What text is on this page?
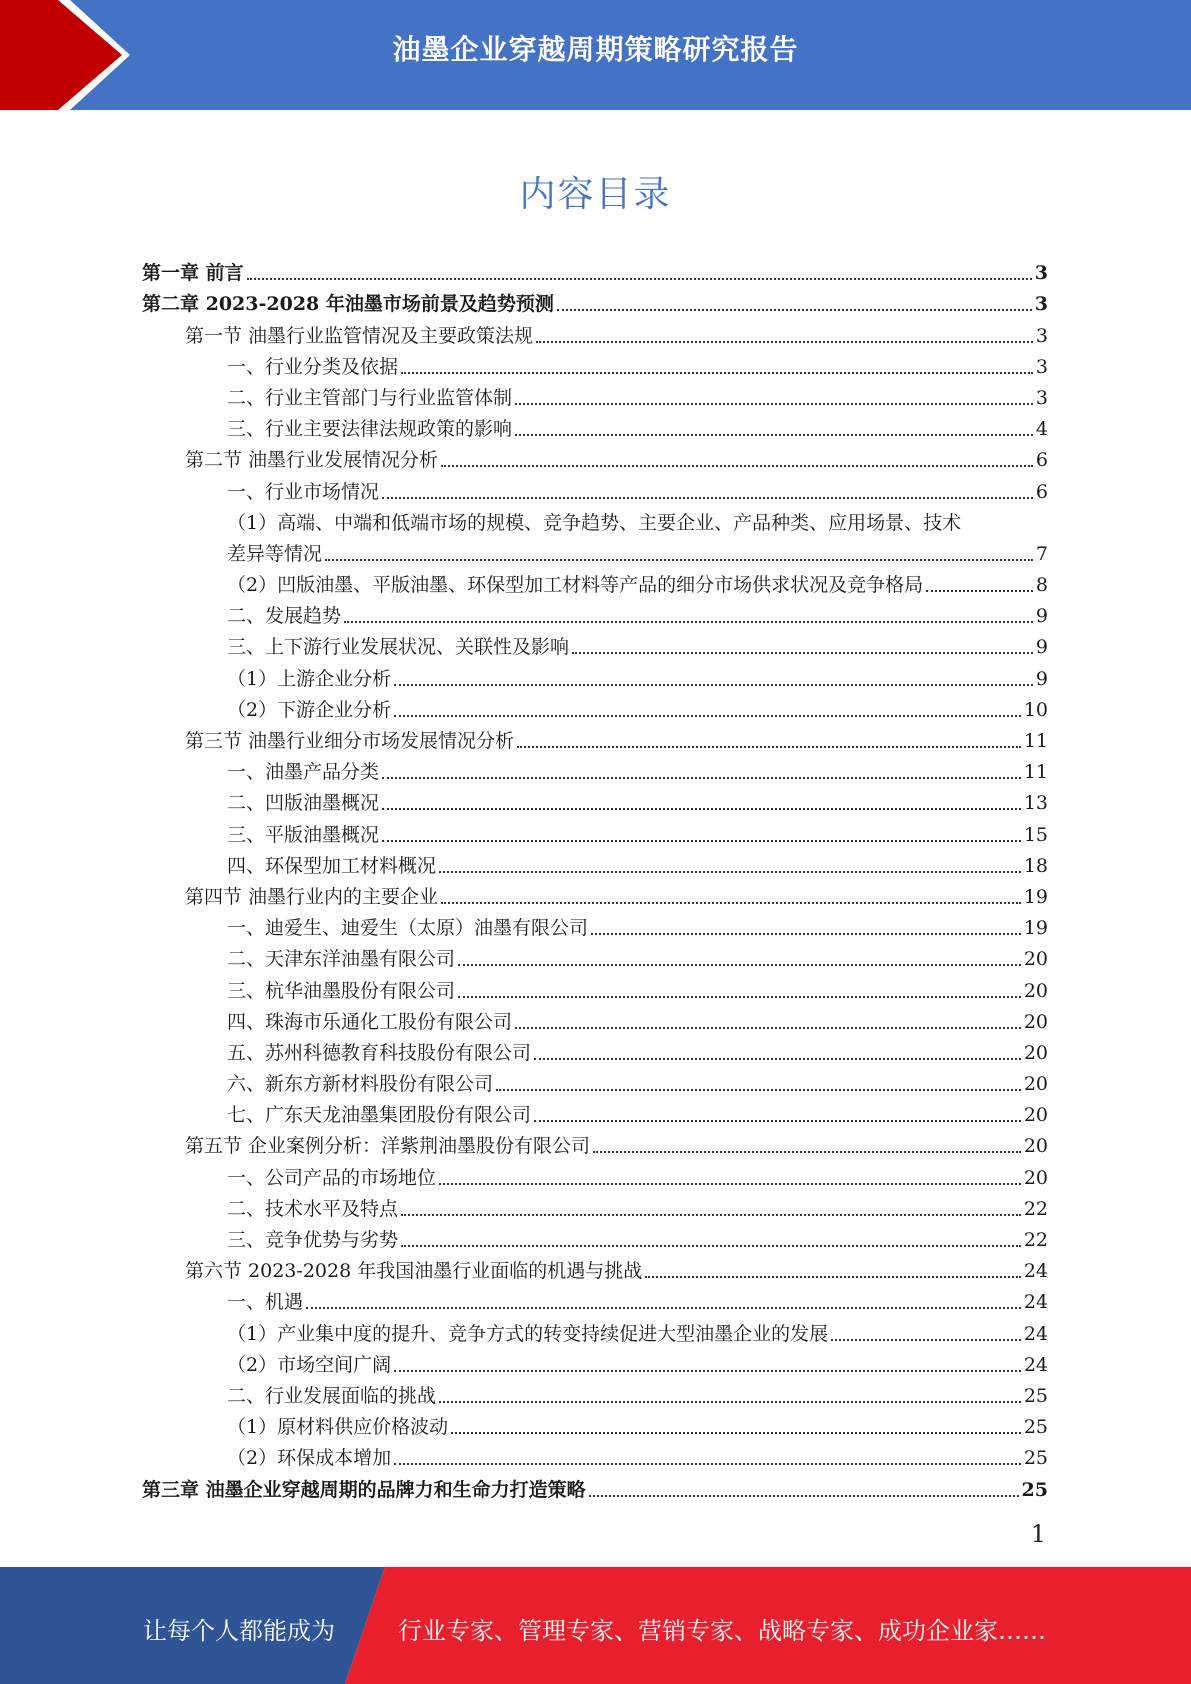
油墨企业穿越周期策略研究报告
内容目录
第一章 前言	3
第二章 2023-2028 年油墨市场前景及趋势预测	3
第一节 油墨行业监管情况及主要政策法规	3
一、行业分类及依据	3
二、行业主管部门与行业监管体制	3
三、行业主要法律法规政策的影响	4
第二节 油墨行业发展情况分析	6
一、行业市场情况	6
（1）高端、中端和低端市场的规模、竞争趋势、主要企业、产品种类、应用场景、技术
差异等情况	7
（2）凹版油墨、平版油墨、环保型加工材料等产品的细分市场供求状况及竞争格局	8
二、发展趋势	9
三、上下游行业发展状况、关联性及影响	9
（1）上游企业分析	9
（2）下游企业分析	10
第三节 油墨行业细分市场发展情况分析	11
一、油墨产品分类	11
二、凹版油墨概况	13
三、平版油墨概况	15
四、环保型加工材料概况	18
第四节 油墨行业内的主要企业	19
一、迪爱生、迪爱生（太原）油墨有限公司	19
二、天津东洋油墨有限公司	20
三、杭华油墨股份有限公司	20
四、珠海市乐通化工股份有限公司	20
五、苏州科德教育科技股份有限公司	20
六、新东方新材料股份有限公司	20
七、广东天龙油墨集团股份有限公司	20
第五节 企业案例分析：洋紫荆油墨股份有限公司	20
一、公司产品的市场地位	20
二、技术水平及特点	22
三、竞争优势与劣势	22
第六节 2023-2028 年我国油墨行业面临的机遇与挑战	24
一、机遇	24
（1）产业集中度的提升、竞争方式的转变持续促进大型油墨企业的发展	24
（2）市场空间广阔	24
二、行业发展面临的挑战	25
（1）原材料供应价格波动	25
（2）环保成本增加	25
第三章 油墨企业穿越周期的品牌力和生命力打造策略	25
1
让每个人都能成为	行业专家、管理专家、营销专家、战略专家、成功企业家……
